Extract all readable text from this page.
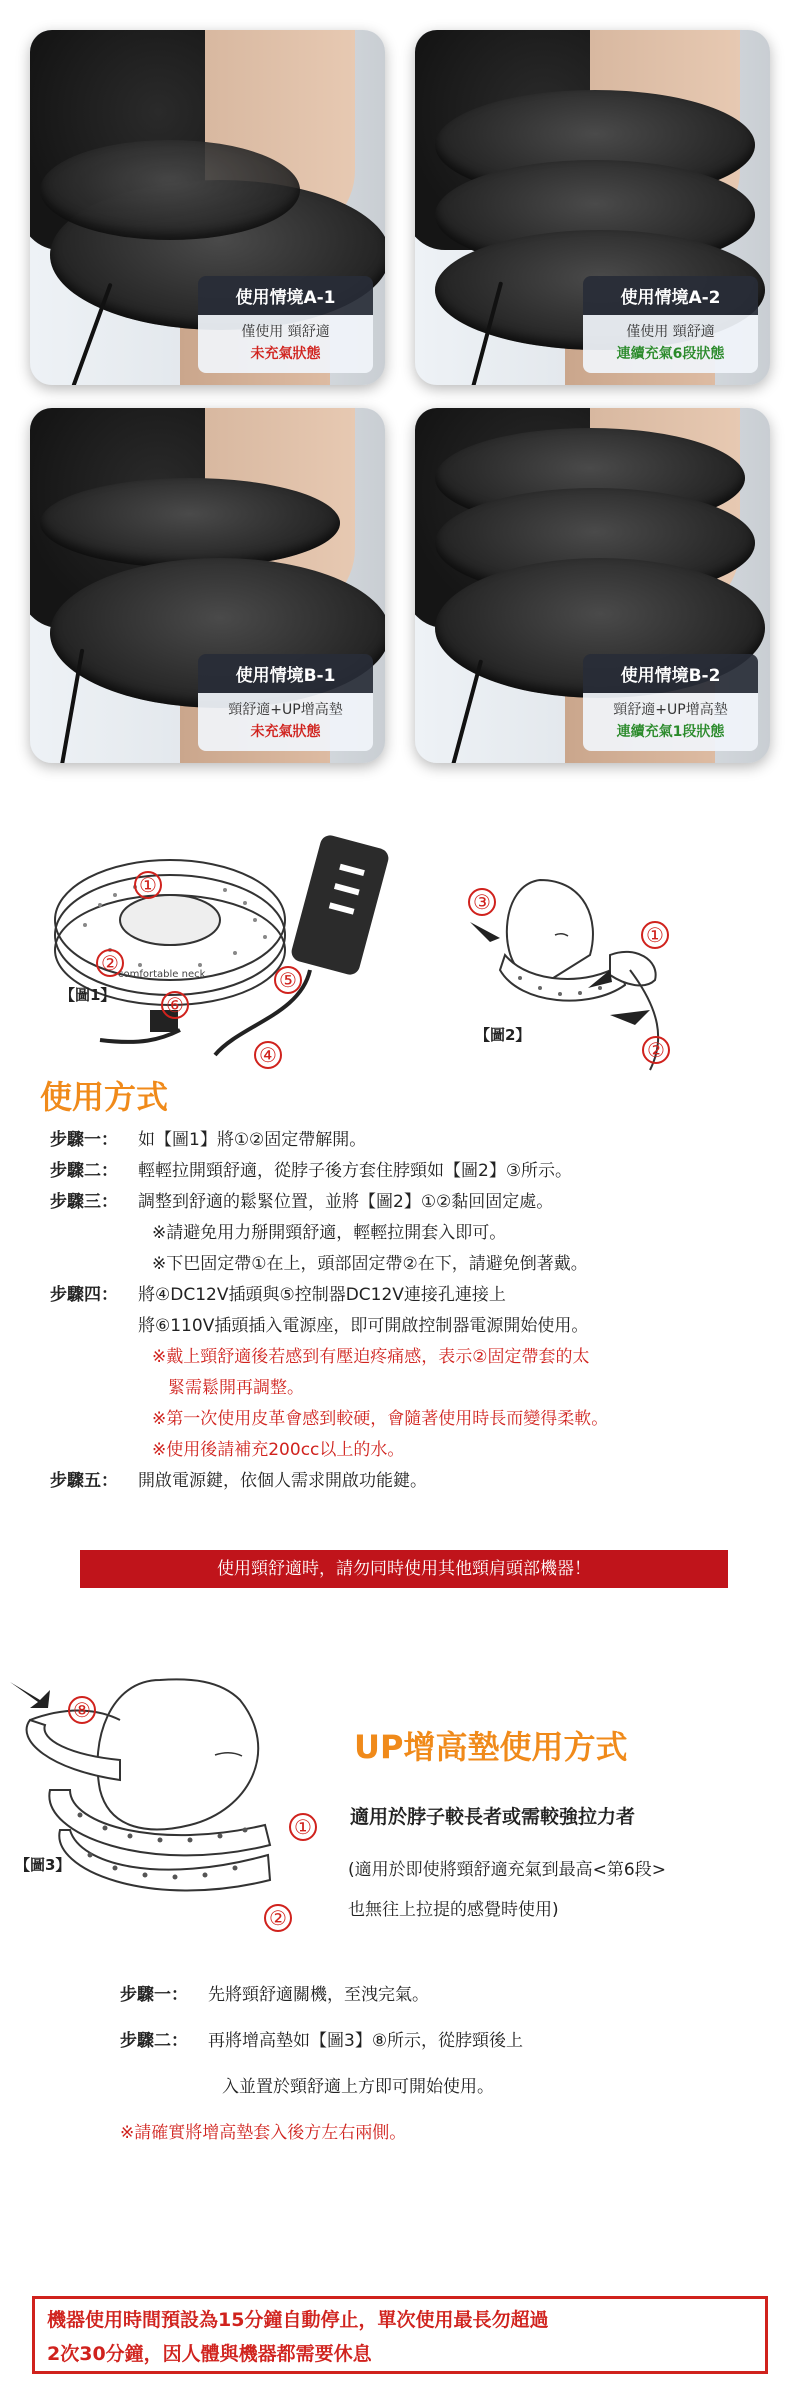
使用情境A-1
僅使用 頸舒適
未充氣狀態
使用情境A-2
僅使用 頸舒適
連續充氣6段狀態
使用情境B-1
頸舒適+UP增高墊
未充氣狀態
使用情境B-2
頸舒適+UP增高墊
連續充氣1段狀態
comfortable neck
①
②
⑤
⑥
④
【圖1】
③
①
②
【圖2】
使用方式
步驟一：	如【圖1】將①②固定帶解開。
步驟二：	輕輕拉開頸舒適，從脖子後方套住脖頸如【圖2】③所示。
步驟三：	調整到舒適的鬆緊位置，並將【圖2】①②黏回固定處。
※請避免用力掰開頸舒適，輕輕拉開套入即可。
※下巴固定帶①在上，頭部固定帶②在下，請避免倒著戴。
步驟四：	將④DC12V插頭與⑤控制器DC12V連接孔連接上
將⑥110V插頭插入電源座，即可開啟控制器電源開始使用。
※戴上頸舒適後若感到有壓迫疼痛感，表示②固定帶套的太
緊需鬆開再調整。
※第一次使用皮革會感到較硬，會隨著使用時長而變得柔軟。
※使用後請補充200cc以上的水。
步驟五：	開啟電源鍵，依個人需求開啟功能鍵。
使用頸舒適時，請勿同時使用其他頸肩頭部機器！
⑧
①
②
【圖3】
UP增高墊使用方式
適用於脖子較長者或需較強拉力者
(適用於即使將頸舒適充氣到最高<第6段>
也無往上拉提的感覺時使用)
步驟一：	先將頸舒適關機，至洩完氣。
步驟二：	再將增高墊如【圖3】⑧所示，從脖頸後上
入並置於頸舒適上方即可開始使用。
※請確實將增高墊套入後方左右兩側。
機器使用時間預設為15分鐘自動停止，單次使用最長勿超過
2次30分鐘，因人體與機器都需要休息
